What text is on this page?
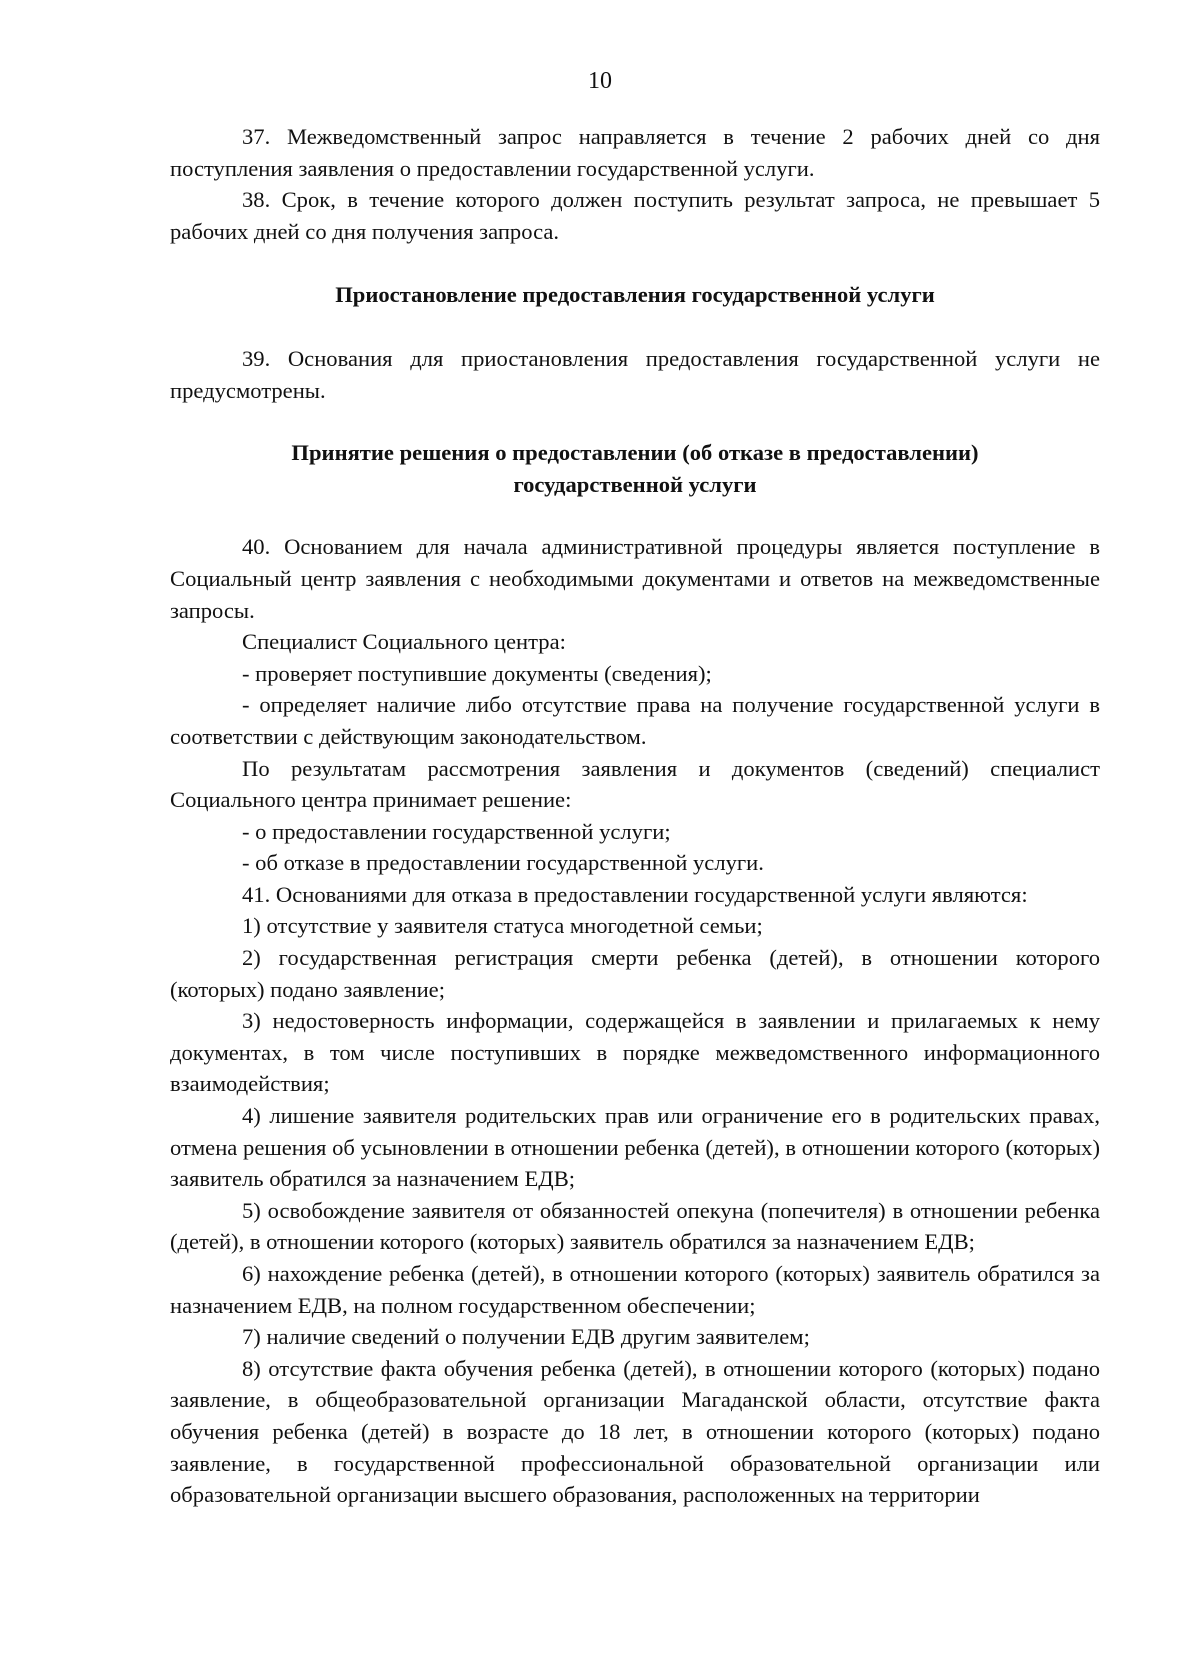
10

37. Межведомственный запрос направляется в течение 2 рабочих дней со дня поступления заявления о предоставлении государственной услуги.

38. Срок, в течение которого должен поступить результат запроса, не превышает 5 рабочих дней со дня получения запроса.

Приостановление предоставления государственной услуги

39. Основания для приостановления предоставления государственной услуги не предусмотрены.

Принятие решения о предоставлении (об отказе в предоставлении)

государственной услуги

40. Основанием для начала административной процедуры является поступление в Социальный центр заявления с необходимыми документами и ответов на межведомственные запросы.

Специалист Социального центра:

- проверяет поступившие документы (сведения);

- определяет наличие либо отсутствие права на получение государственной услуги в соответствии с действующим законодательством.

По результатам рассмотрения заявления и документов (сведений) специалист Социального центра принимает решение:

- о предоставлении государственной услуги;

- об отказе в предоставлении государственной услуги.

41. Основаниями для отказа в предоставлении государственной услуги являются:

1) отсутствие у заявителя статуса многодетной семьи;

2) государственная регистрация смерти ребенка (детей), в отношении которого (которых) подано заявление;

3) недостоверность информации, содержащейся в заявлении и прилагаемых к нему документах, в том числе поступивших в порядке межведомственного информационного взаимодействия;

4) лишение заявителя родительских прав или ограничение его в родительских правах, отмена решения об усыновлении в отношении ребенка (детей), в отношении которого (которых) заявитель обратился за назначением ЕДВ;

5) освобождение заявителя от обязанностей опекуна (попечителя) в отношении ребенка (детей), в отношении которого (которых) заявитель обратился за назначением ЕДВ;

6) нахождение ребенка (детей), в отношении которого (которых) заявитель обратился за назначением ЕДВ, на полном государственном обеспечении;

7) наличие сведений о получении ЕДВ другим заявителем;

8) отсутствие факта обучения ребенка (детей), в отношении которого (которых) подано заявление, в общеобразовательной организации Магаданской области, отсутствие факта обучения ребенка (детей) в возрасте до 18 лет, в отношении которого (которых) подано заявление, в государственной профессиональной образовательной организации или образовательной организации высшего образования, расположенных на территории
